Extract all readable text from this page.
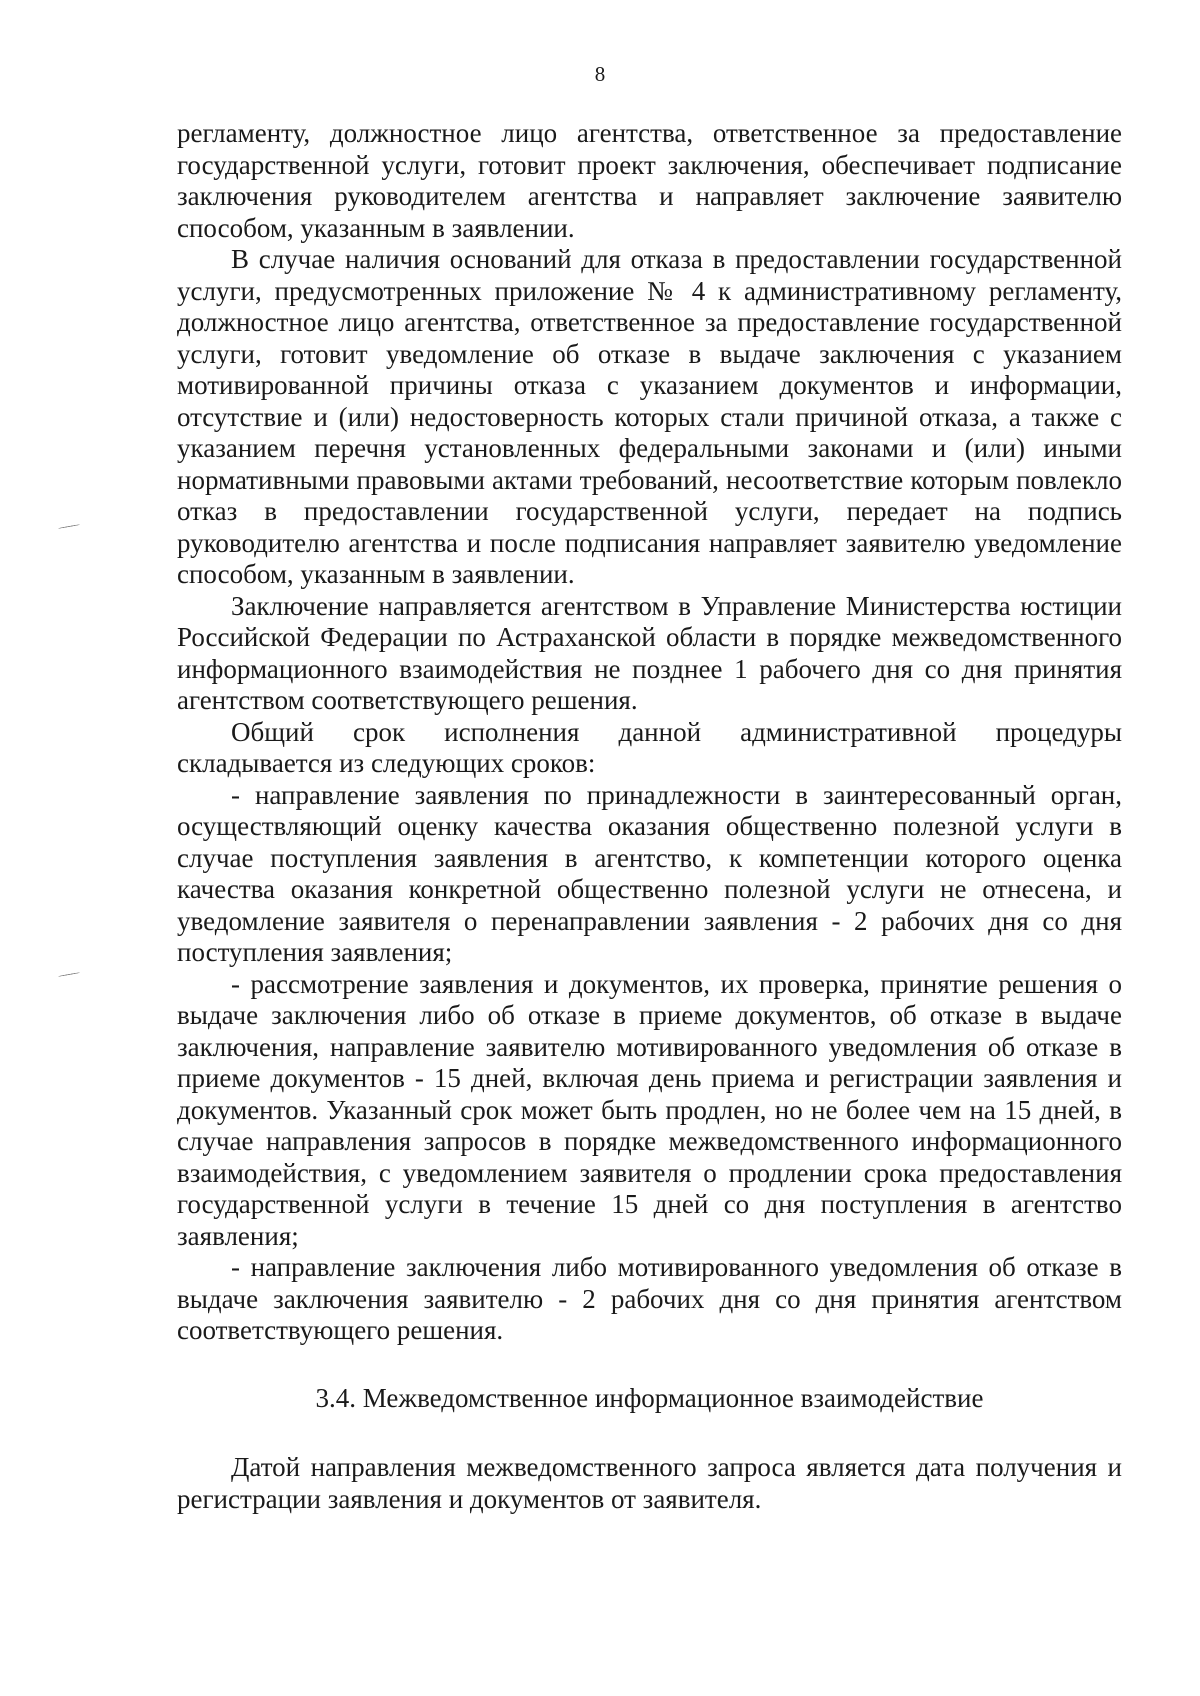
8

регламенту, должностное лицо агентства, ответственное за предоставление государственной услуги, готовит проект заключения, обеспечивает подписание заключения руководителем агентства и направляет заключение заявителю способом, указанным в заявлении.

В случае наличия оснований для отказа в предоставлении государственной услуги, предусмотренных приложение № 4 к административному регламенту, должностное лицо агентства, ответственное за предоставление государственной услуги, готовит уведомление об отказе в выдаче заключения с указанием мотивированной причины отказа с указанием документов и информации, отсутствие и (или) недостоверность которых стали причиной отказа, а также с указанием перечня установленных федеральными законами и (или) иными нормативными правовыми актами требований, несоответствие которым повлекло отказ в предоставлении государственной услуги, передает на подпись руководителю агентства и после подписания направляет заявителю уведомление способом, указанным в заявлении.

Заключение направляется агентством в Управление Министерства юстиции Российской Федерации по Астраханской области в порядке межведомственного информационного взаимодействия не позднее 1 рабочего дня со дня принятия агентством соответствующего решения.

Общий срок исполнения данной административной процедуры складывается из следующих сроков:

- направление заявления по принадлежности в заинтересованный орган, осуществляющий оценку качества оказания общественно полезной услуги в случае поступления заявления в агентство, к компетенции которого оценка качества оказания конкретной общественно полезной услуги не отнесена, и уведомление заявителя о перенаправлении заявления - 2 рабочих дня со дня поступления заявления;

- рассмотрение заявления и документов, их проверка, принятие решения о выдаче заключения либо об отказе в приеме документов, об отказе в выдаче заключения, направление заявителю мотивированного уведомления об отказе в приеме документов - 15 дней, включая день приема и регистрации заявления и документов. Указанный срок может быть продлен, но не более чем на 15 дней, в случае направления запросов в порядке межведомственного информационного взаимодействия, с уведомлением заявителя о продлении срока предоставления государственной услуги в течение 15 дней со дня поступления в агентство заявления;

- направление заключения либо мотивированного уведомления об отказе в выдаче заключения заявителю - 2 рабочих дня со дня принятия агентством соответствующего решения.

3.4. Межведомственное информационное взаимодействие

Датой направления межведомственного запроса является дата получения и регистрации заявления и документов от заявителя.
